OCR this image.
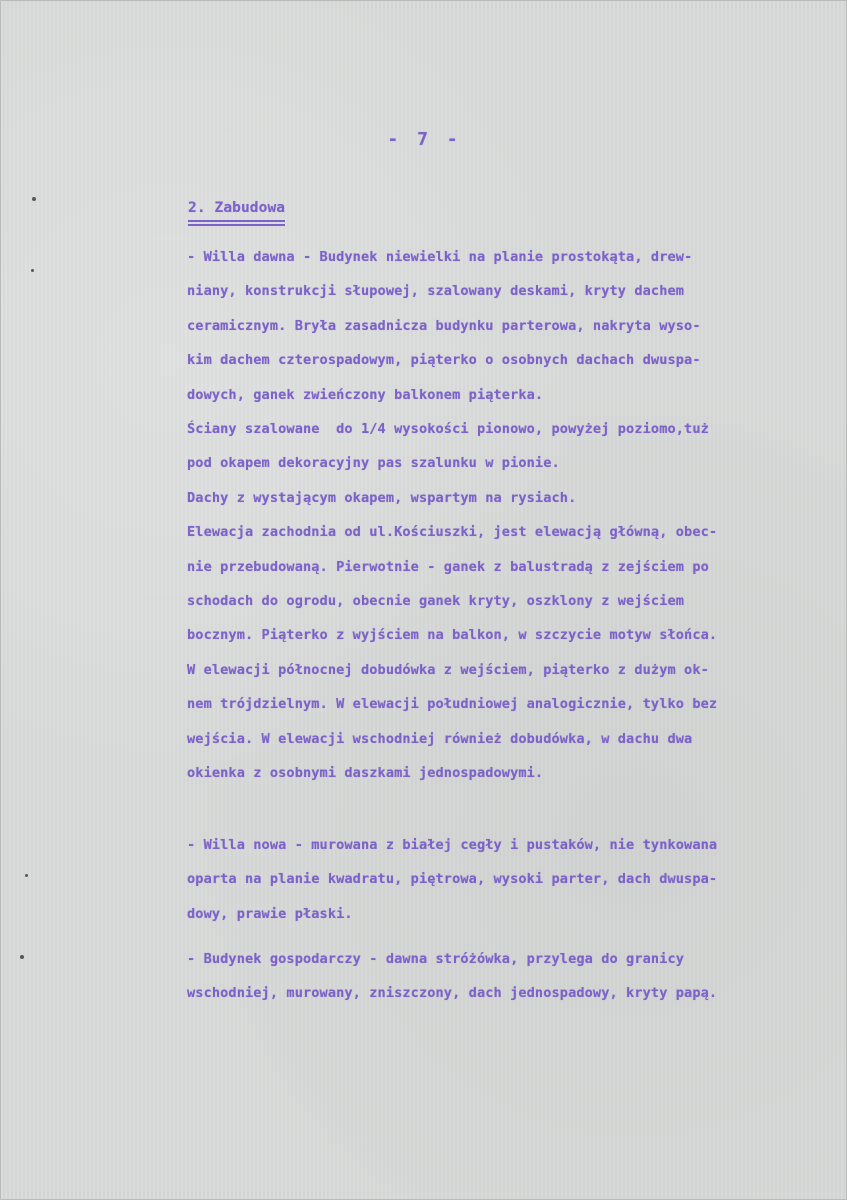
- 7 -
2. Zabudowa

- Willa dawna - Budynek niewielki na planie prostokąta, drew-
niany, konstrukcji słupowej, szalowany deskami, kryty dachem
ceramicznym. Bryła zasadnicza budynku parterowa, nakryta wyso-
kim dachem czterospadowym, piąterko o osobnych dachach dwuspa-
dowych, ganek zwieńczony balkonem piąterka.
Ściany szalowane  do 1/4 wysokości pionowo, powyżej poziomo,tuż
pod okapem dekoracyjny pas szalunku w pionie.
Dachy z wystającym okapem, wspartym na rysiach.
Elewacja zachodnia od ul.Kościuszki, jest elewacją główną, obec-
nie przebudowaną. Pierwotnie - ganek z balustradą z zejściem po
schodach do ogrodu, obecnie ganek kryty, oszklony z wejściem
bocznym. Piąterko z wyjściem na balkon, w szczycie motyw słońca.
W elewacji północnej dobudówka z wejściem, piąterko z dużym ok-
nem trójdzielnym. W elewacji południowej analogicznie, tylko bez
wejścia. W elewacji wschodniej również dobudówka, w dachu dwa
okienka z osobnymi daszkami jednospadowymi.

- Willa nowa - murowana z białej cegły i pustaków, nie tynkowana
oparta na planie kwadratu, piętrowa, wysoki parter, dach dwuspa-
dowy, prawie płaski.

- Budynek gospodarczy - dawna stróżówka, przylega do granicy
wschodniej, murowany, zniszczony, dach jednospadowy, kryty papą.
